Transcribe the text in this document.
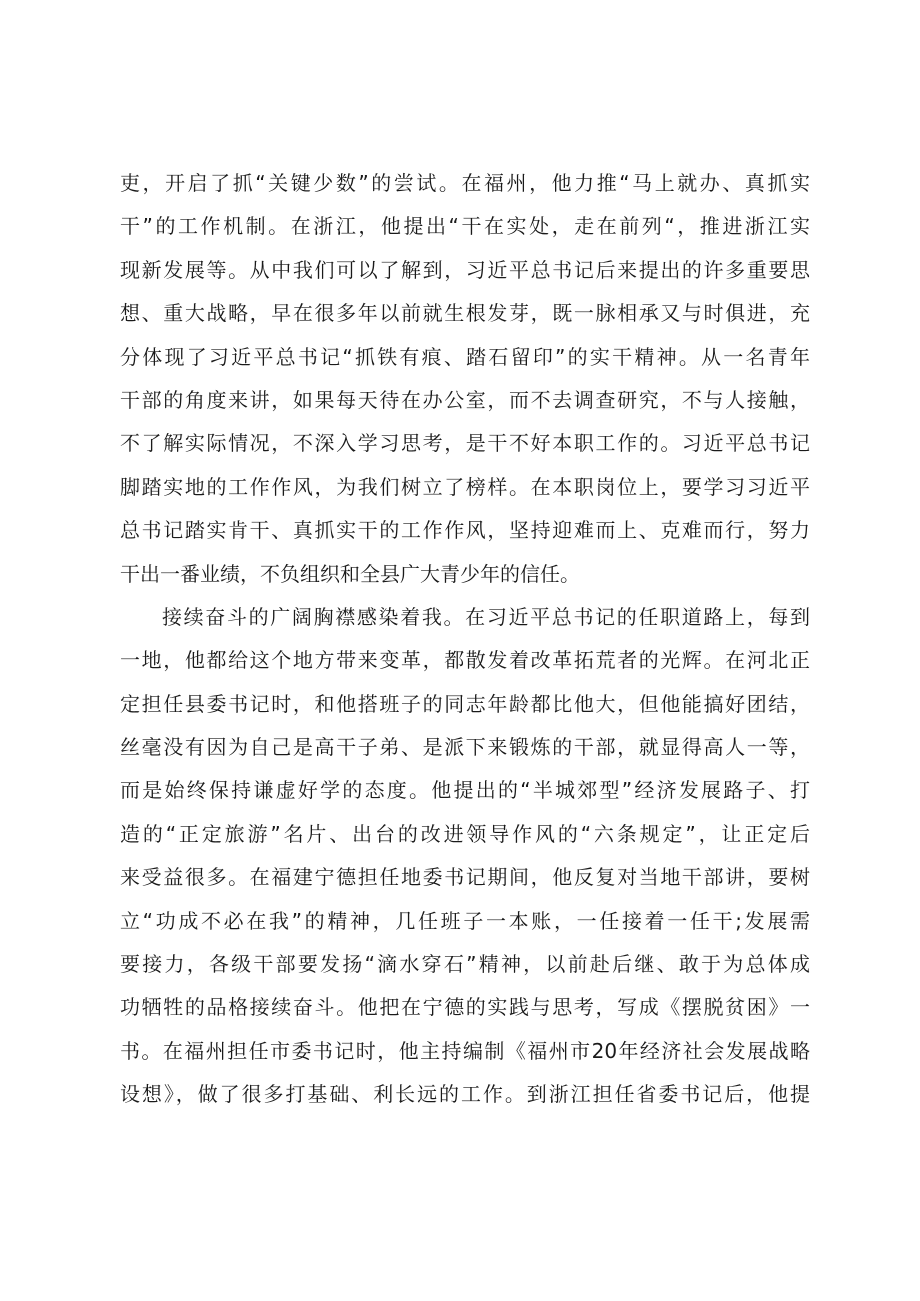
吏，开启了抓“关键少数”的尝试。在福州，他力推“马上就办、真抓实
干”的工作机制。在浙江，他提出“干在实处，走在前列“，推进浙江实
现新发展等。从中我们可以了解到，习近平总书记后来提出的许多重要思
想、重大战略，早在很多年以前就生根发芽，既一脉相承又与时俱进，充
分体现了习近平总书记“抓铁有痕、踏石留印”的实干精神。从一名青年
干部的角度来讲，如果每天待在办公室，而不去调查研究，不与人接触，
不了解实际情况，不深入学习思考，是干不好本职工作的。习近平总书记
脚踏实地的工作作风，为我们树立了榜样。在本职岗位上，要学习习近平
总书记踏实肯干、真抓实干的工作作风，坚持迎难而上、克难而行，努力
干出一番业绩，不负组织和全县广大青少年的信任。
接续奋斗的广阔胸襟感染着我。在习近平总书记的任职道路上，每到
一地，他都给这个地方带来变革，都散发着改革拓荒者的光辉。在河北正
定担任县委书记时，和他搭班子的同志年龄都比他大，但他能搞好团结，
丝毫没有因为自己是高干子弟、是派下来锻炼的干部，就显得高人一等，
而是始终保持谦虚好学的态度。他提出的“半城郊型”经济发展路子、打
造的“正定旅游”名片、出台的改进领导作风的“六条规定”，让正定后
来受益很多。在福建宁德担任地委书记期间，他反复对当地干部讲，要树
立“功成不必在我”的精神，几任班子一本账，一任接着一任干;发展需
要接力，各级干部要发扬“滴水穿石”精神，以前赴后继、敢于为总体成
功牺牲的品格接续奋斗。他把在宁德的实践与思考，写成《摆脱贫困》一
书。在福州担任市委书记时，他主持编制《福州市20年经济社会发展战略
设想》，做了很多打基础、利长远的工作。到浙江担任省委书记后，他提
